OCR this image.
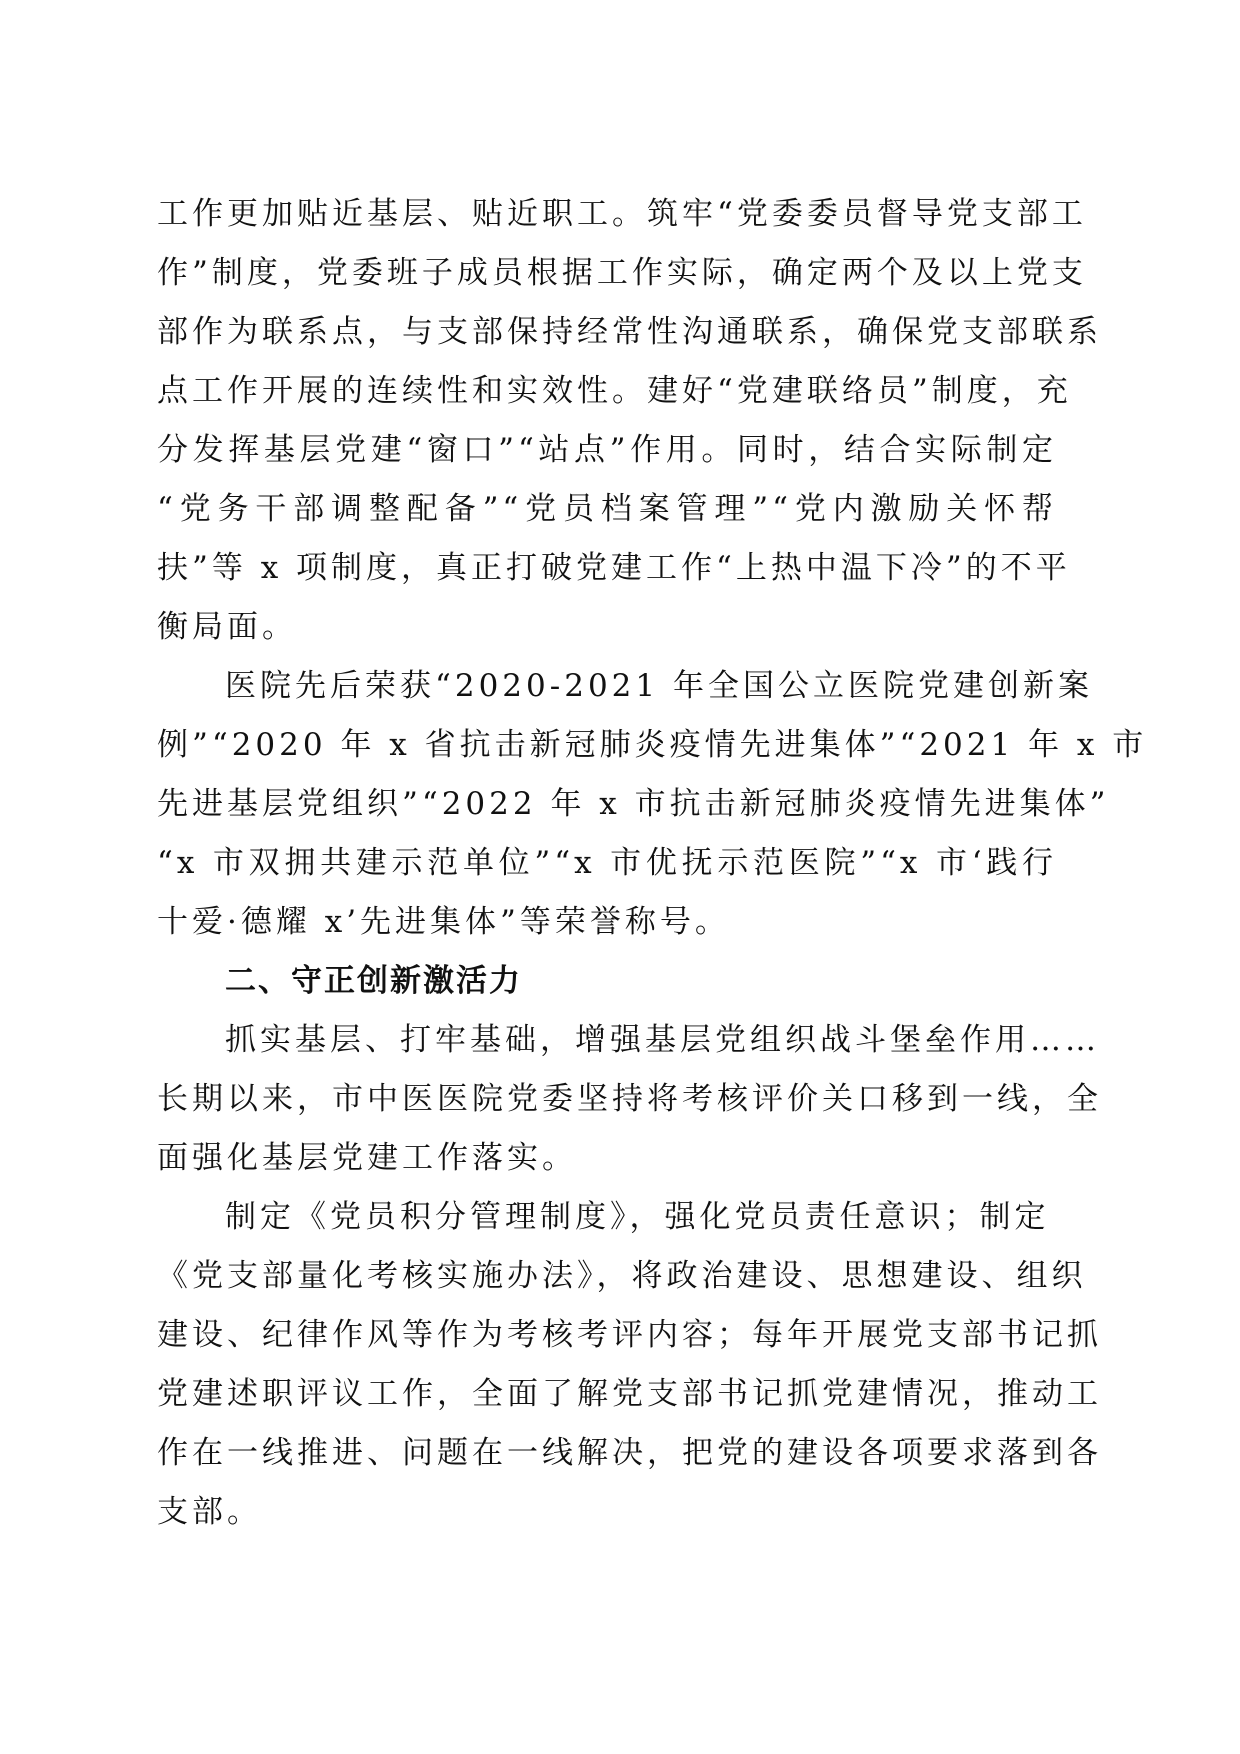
工作更加贴近基层、贴近职工。筑牢“党委委员督导党支部工

作”制度，党委班子成员根据工作实际，确定两个及以上党支

部作为联系点，与支部保持经常性沟通联系，确保党支部联系

点工作开展的连续性和实效性。建好“党建联络员”制度，充

分发挥基层党建“窗口”“站点”作用。同时，结合实际制定

“党务干部调整配备”“党员档案管理”“党内激励关怀帮

扶”等 x 项制度，真正打破党建工作“上热中温下冷”的不平

衡局面。

医院先后荣获“2020-2021 年全国公立医院党建创新案

例”“2020 年 x 省抗击新冠肺炎疫情先进集体”“2021 年 x 市

先进基层党组织”“2022 年 x 市抗击新冠肺炎疫情先进集体”

“x 市双拥共建示范单位”“x 市优抚示范医院”“x 市‘践行

十爱·德耀 x’先进集体”等荣誉称号。

二、守正创新激活力

抓实基层、打牢基础，增强基层党组织战斗堡垒作用……

长期以来，市中医医院党委坚持将考核评价关口移到一线，全

面强化基层党建工作落实。

制定《党员积分管理制度》，强化党员责任意识；制定

《党支部量化考核实施办法》，将政治建设、思想建设、组织

建设、纪律作风等作为考核考评内容；每年开展党支部书记抓

党建述职评议工作，全面了解党支部书记抓党建情况，推动工

作在一线推进、问题在一线解决，把党的建设各项要求落到各

支部。
